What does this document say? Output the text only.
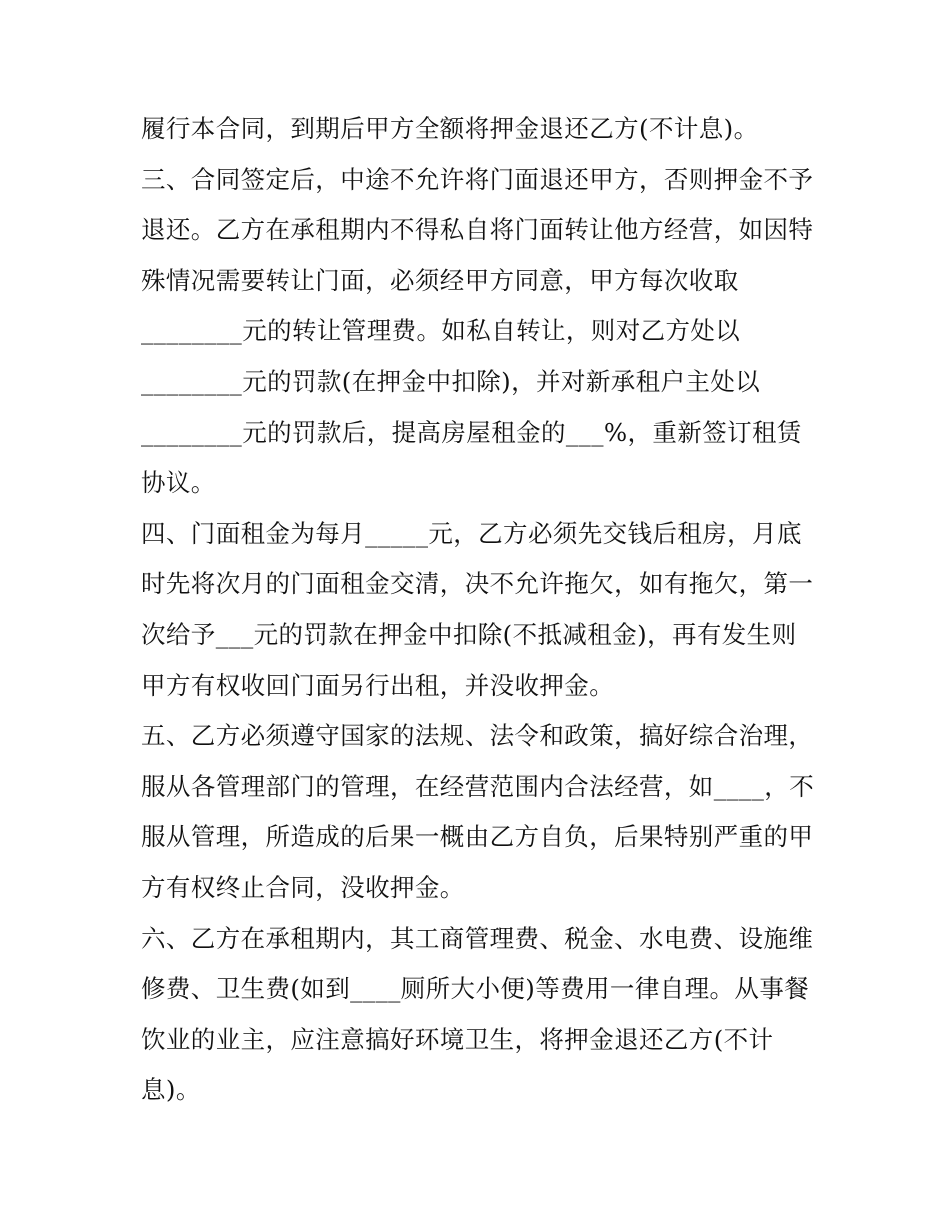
履行本合同，到期后甲方全额将押金退还乙方(不计息)。
三、合同签定后，中途不允许将门面退还甲方，否则押金不予
退还。乙方在承租期内不得私自将门面转让他方经营，如因特
殊情况需要转让门面，必须经甲方同意，甲方每次收取
________元的转让管理费。如私自转让，则对乙方处以
________元的罚款(在押金中扣除)，并对新承租户主处以
________元的罚款后，提高房屋租金的___%，重新签订租赁
协议。
四、门面租金为每月_____元，乙方必须先交钱后租房，月底
时先将次月的门面租金交清，决不允许拖欠，如有拖欠，第一
次给予___元的罚款在押金中扣除(不抵减租金)，再有发生则
甲方有权收回门面另行出租，并没收押金。
五、乙方必须遵守国家的法规、法令和政策，搞好综合治理，
服从各管理部门的管理，在经营范围内合法经营，如____，不
服从管理，所造成的后果一概由乙方自负，后果特别严重的甲
方有权终止合同，没收押金。
六、乙方在承租期内，其工商管理费、税金、水电费、设施维
修费、卫生费(如到____厕所大小便)等费用一律自理。从事餐
饮业的业主，应注意搞好环境卫生，将押金退还乙方(不计
息)。
